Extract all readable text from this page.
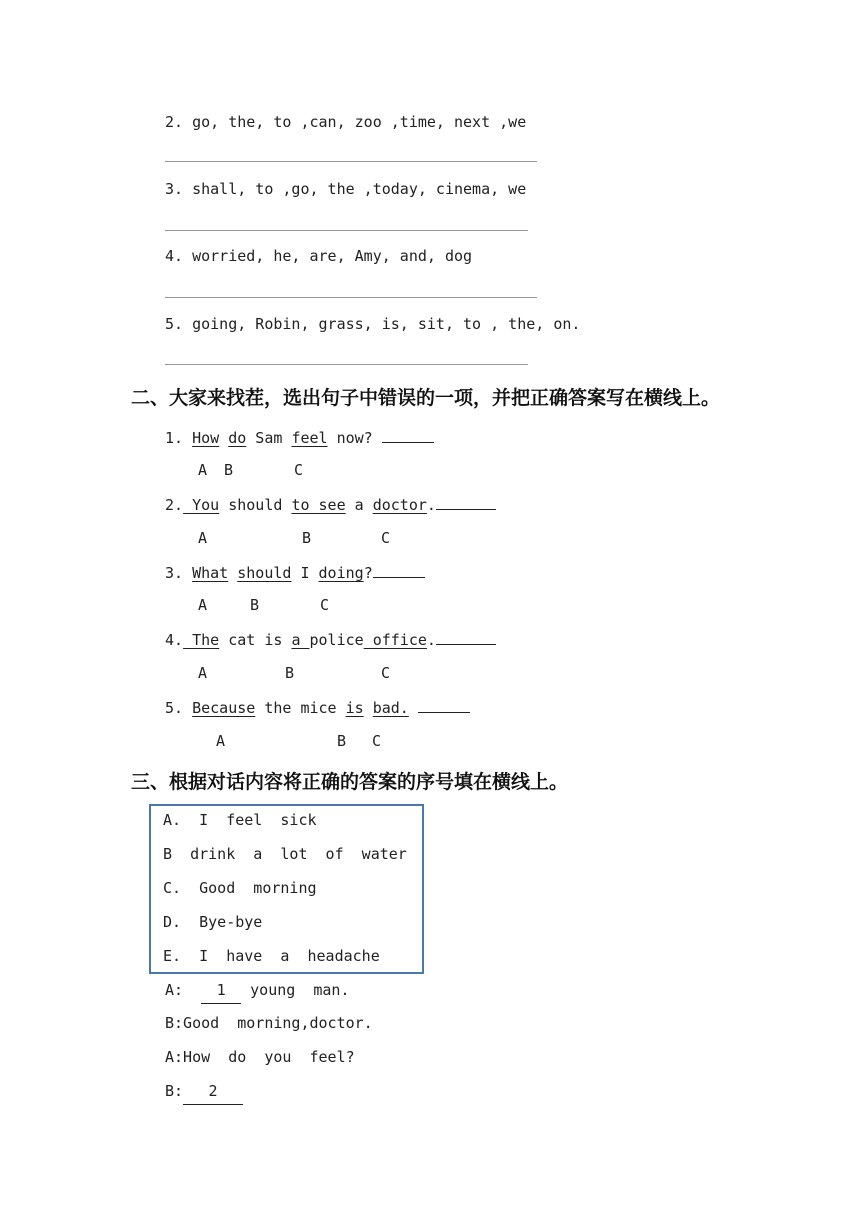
2. go, the, to ,can, zoo ,time, next ,we
3. shall, to ,go, the ,today, cinema, we
4. worried, he, are, Amy, and, dog
5. going, Robin, grass, is, sit, to , the, on.
二、大家来找茬，选出句子中错误的一项，并把正确答案写在横线上。
1. How do Sam feel now?
A B	C
2. You should to see a doctor.
A	B	C
3. What should I doing?
A	B	C
4. The cat is a police office.
A	B	C
5. Because the mice is bad.
A	B C
三、根据对话内容将正确的答案的序号填在横线上。
A.  I  feel  sick
B  drink  a  lot  of  water
C.  Good  morning
D.  Bye-bye
E.  I  have  a  headache
A:  1 young  man.
B:Good  morning,doctor.
A:How  do  you  feel?
B: 2
